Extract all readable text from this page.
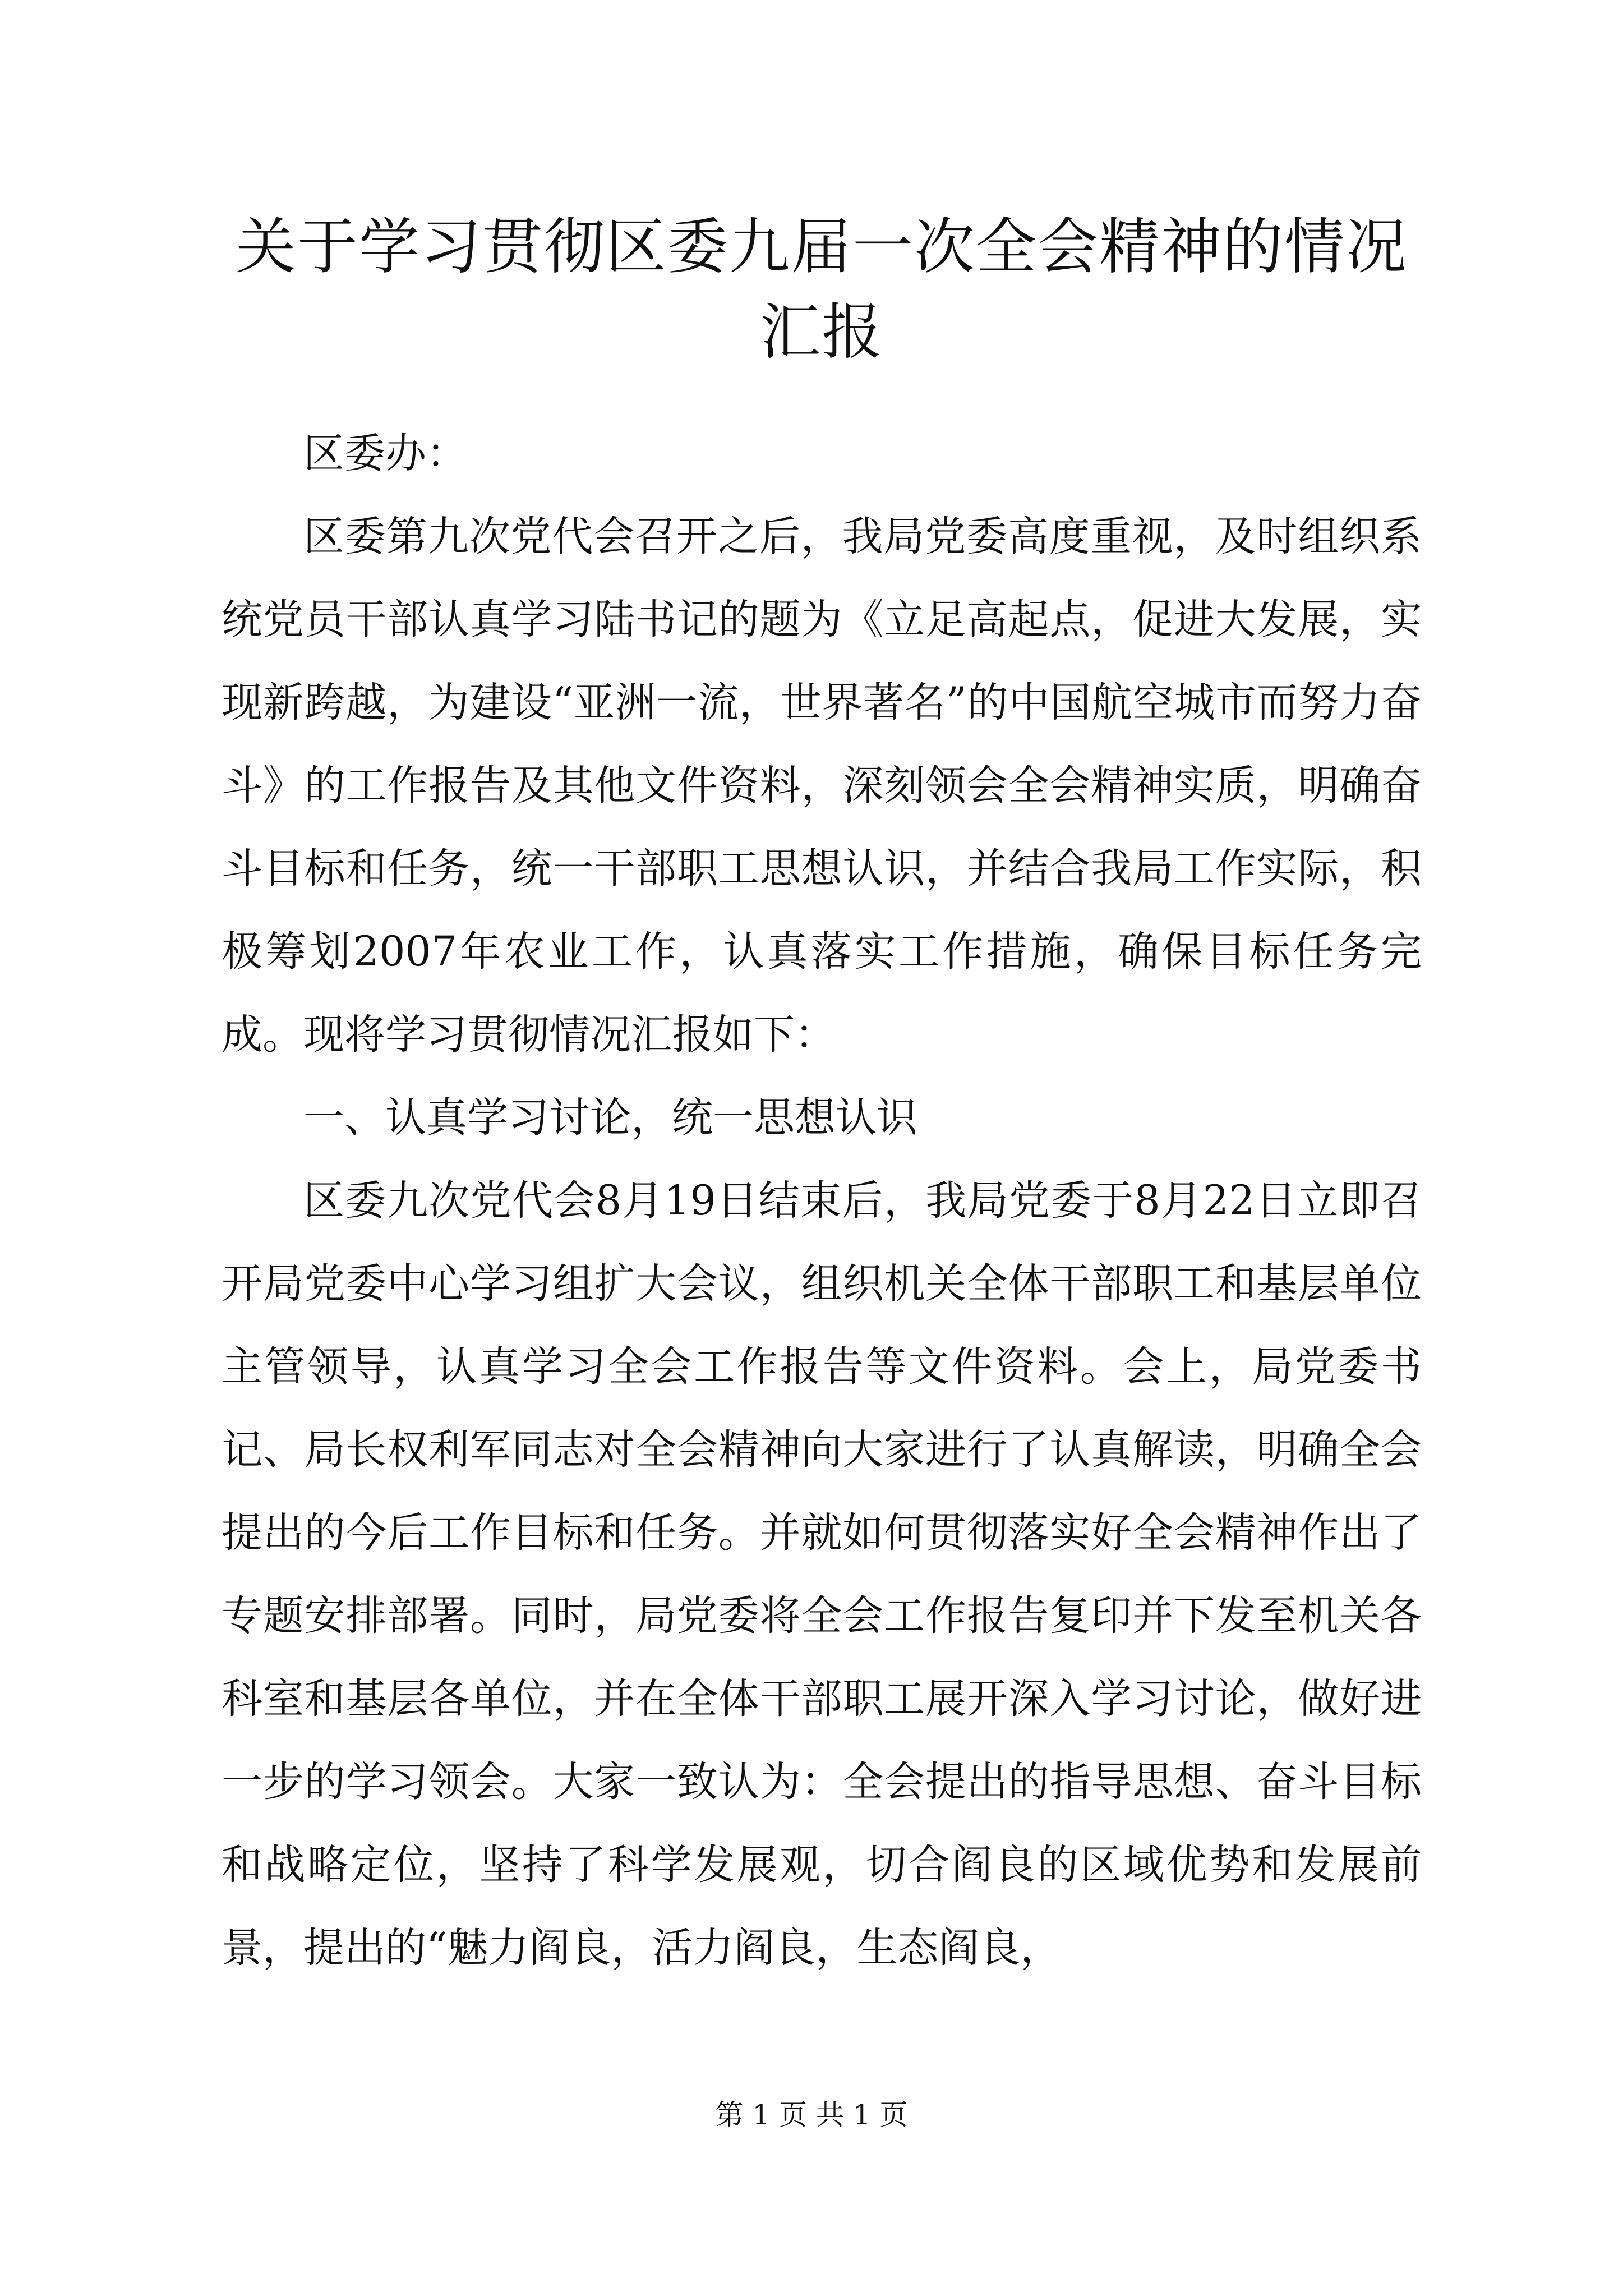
关于学习贯彻区委九届一次全会精神的情况汇报

区委办：

区委第九次党代会召开之后，我局党委高度重视，及时组织系统党员干部认真学习陆书记的题为《立足高起点，促进大发展，实现新跨越，为建设“亚洲一流，世界著名”的中国航空城市而努力奋斗》的工作报告及其他文件资料，深刻领会全会精神实质，明确奋斗目标和任务，统一干部职工思想认识，并结合我局工作实际，积极筹划2007年农业工作，认真落实工作措施，确保目标任务完成。现将学习贯彻情况汇报如下：

一、认真学习讨论，统一思想认识

区委九次党代会8月19日结束后，我局党委于8月22日立即召开局党委中心学习组扩大会议，组织机关全体干部职工和基层单位主管领导，认真学习全会工作报告等文件资料。会上，局党委书记、局长权利军同志对全会精神向大家进行了认真解读，明确全会提出的今后工作目标和任务。并就如何贯彻落实好全会精神作出了专题安排部署。同时，局党委将全会工作报告复印并下发至机关各科室和基层各单位，并在全体干部职工展开深入学习讨论，做好进一步的学习领会。大家一致认为：全会提出的指导思想、奋斗目标和战略定位，坚持了科学发展观，切合阎良的区域优势和发展前景，提出的“魅力阎良，活力阎良，生态阎良，

第 1 页 共 1 页
